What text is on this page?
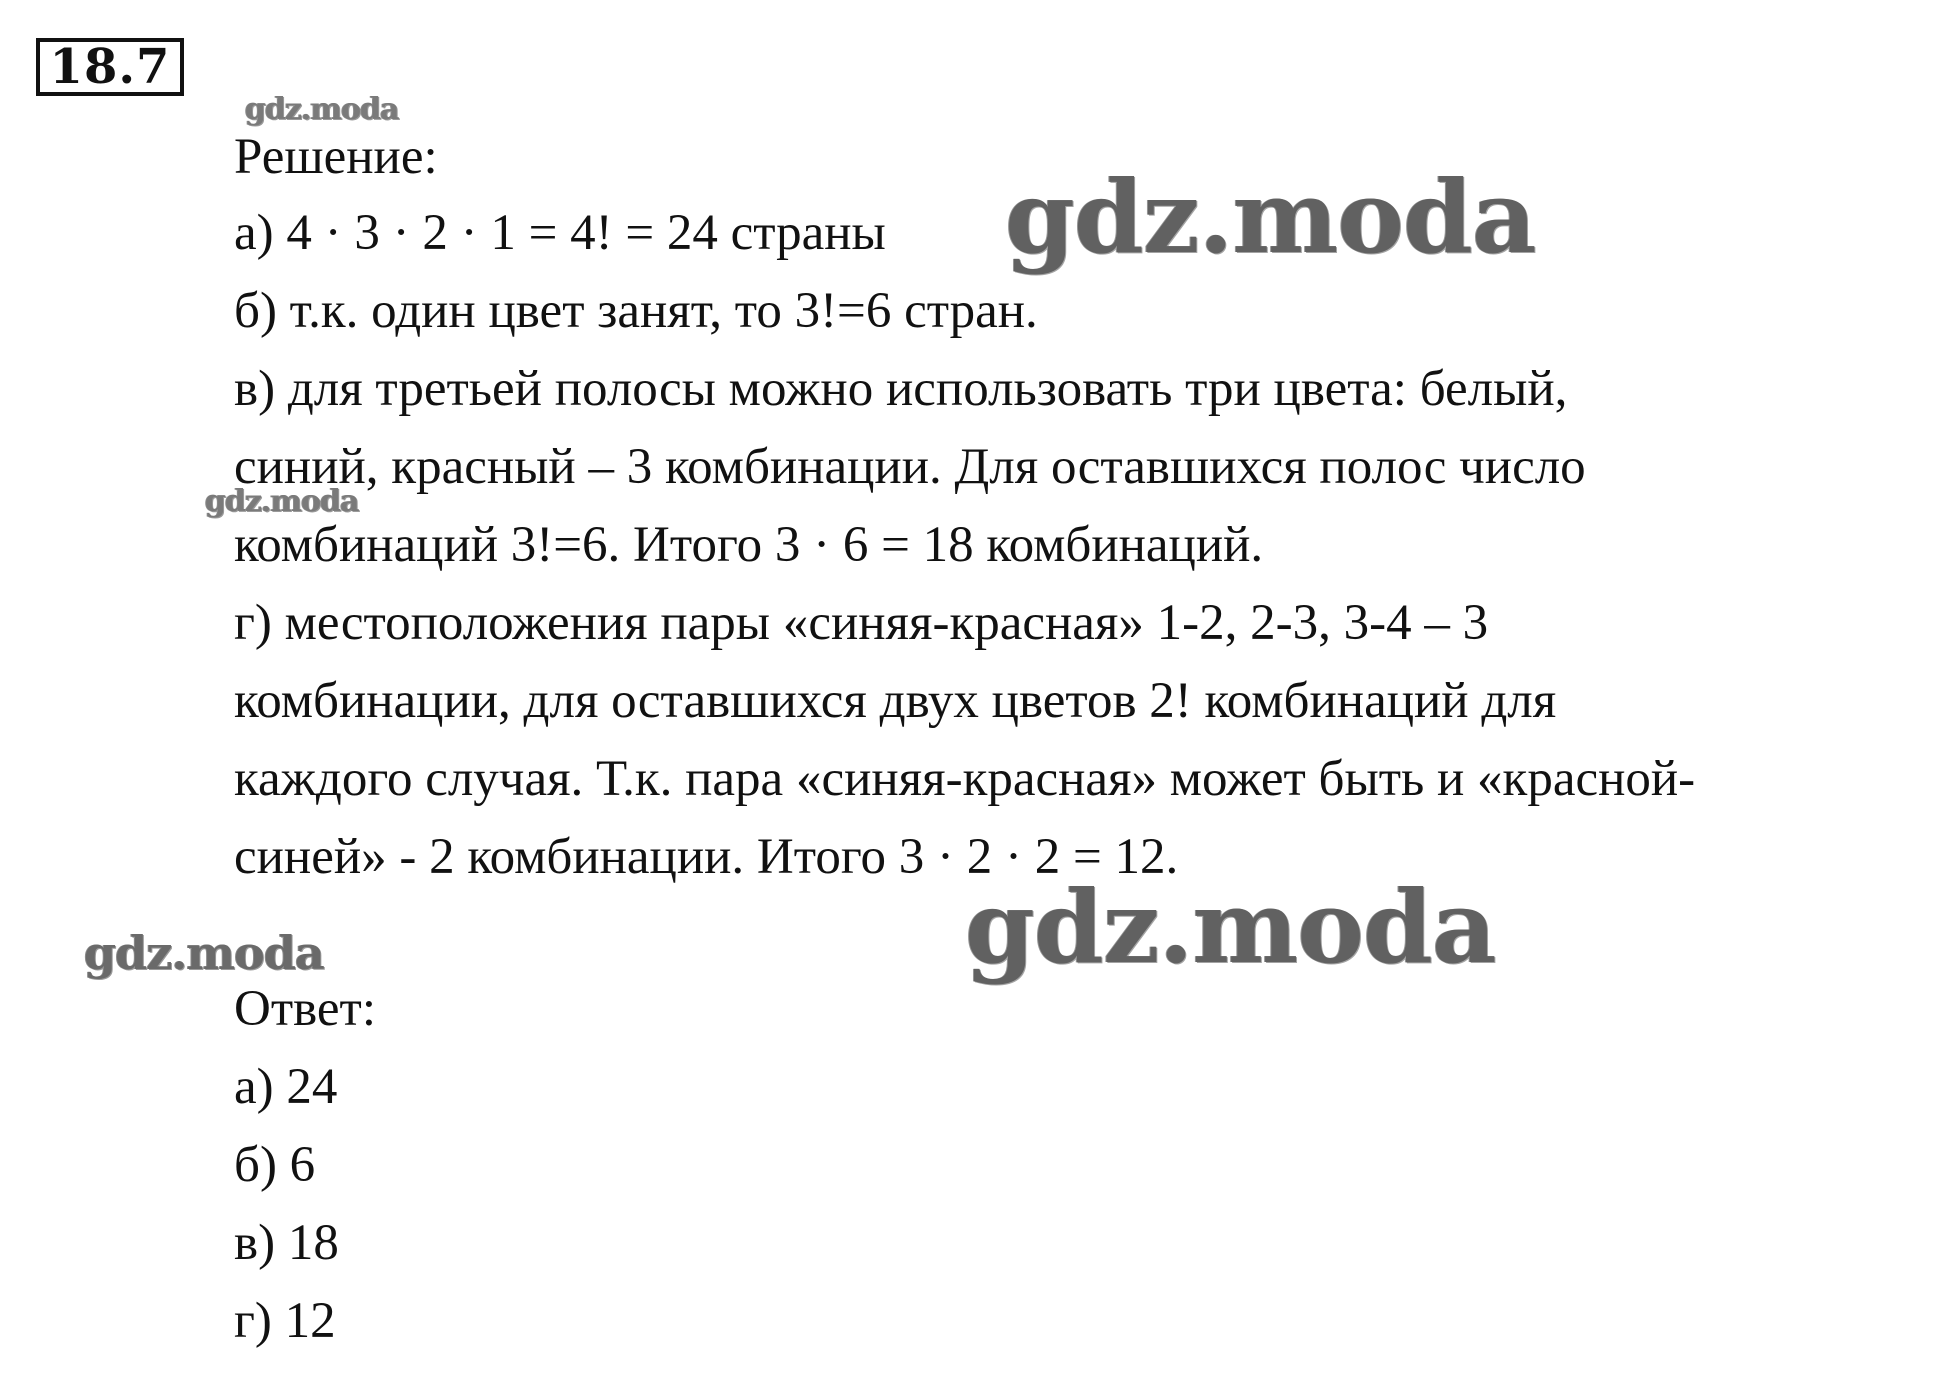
18.7
gdz.moda
gdz.moda
gdz.moda
gdz.moda	gdz.moda
Решение:
а) 4 · 3 · 2 · 1 = 4! = 24 страны
б) т.к. один цвет занят, то 3!=6 стран.
в) для третьей полосы можно использовать три цвета: белый,
синий, красный – 3 комбинации. Для оставшихся полос число
комбинаций 3!=6. Итого 3 · 6 = 18 комбинаций.
г) местоположения пары «синяя-красная» 1-2, 2-3, 3-4 – 3
комбинации, для оставшихся двух цветов 2! комбинаций для
каждого случая. Т.к. пара «синяя-красная» может быть и «красной-
синей» - 2 комбинации. Итого 3 · 2 · 2 = 12.
Ответ:
а) 24
б) 6
в) 18
г) 12
